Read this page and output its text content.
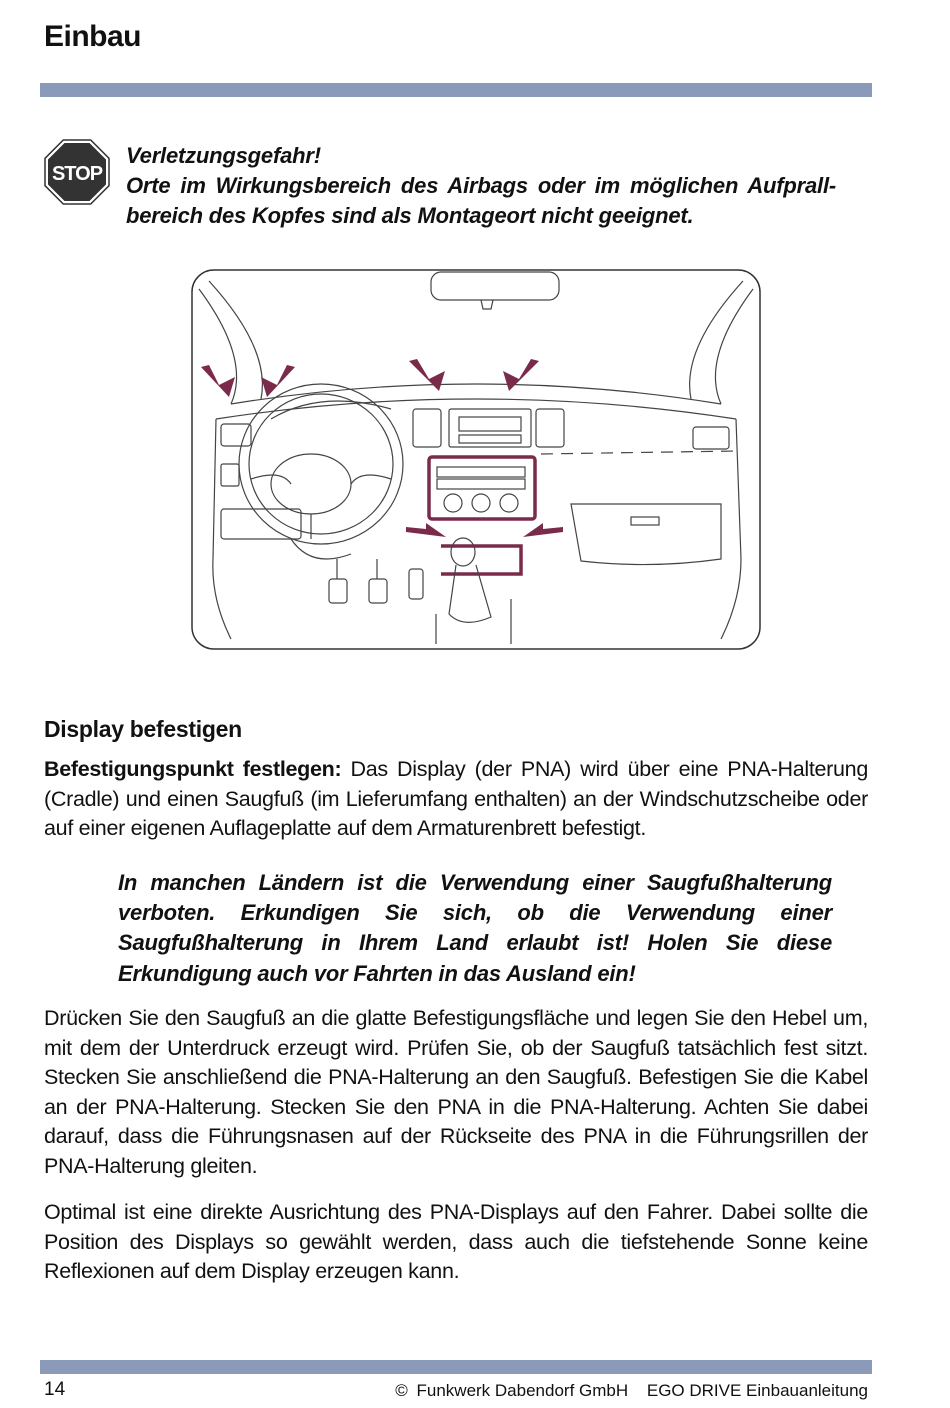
Einbau
STOP
Verletzungsgefahr!
Orte im Wirkungsbereich des Airbags oder im möglichen Aufprall-
bereich des Kopfes sind als Montageort nicht geeignet.
Display befestigen
Befestigungspunkt festlegen: Das Display (der PNA) wird über eine PNA-Halterung (Cradle) und einen Saugfuß (im Lieferumfang enthalten) an der Windschutzscheibe oder auf einer eigenen Auflageplatte auf dem Armaturenbrett befestigt.
In manchen Ländern ist die Verwendung einer Saugfußhalterung verboten. Erkundigen Sie sich, ob die Verwendung einer Saugfußhalterung in Ihrem Land erlaubt ist! Holen Sie diese Erkundigung auch vor Fahrten in das Ausland ein!
Drücken Sie den Saugfuß an die glatte Befestigungsfläche und legen Sie den Hebel um, mit dem der Unterdruck erzeugt wird. Prüfen Sie, ob der Saugfuß tatsächlich fest sitzt. Stecken Sie anschließend die PNA-Halterung an den Saugfuß. Befestigen Sie die Kabel an der PNA-Halterung. Stecken Sie den PNA in die PNA-Halterung. Achten Sie dabei darauf, dass die Führungsnasen auf der Rückseite des PNA in die Führungsrillen der PNA-Halterung gleiten.
Optimal ist eine direkte Ausrichtung des PNA-Displays auf den Fahrer. Dabei sollte die Position des Displays so gewählt werden, dass auch die tiefstehende Sonne keine Reflexionen auf dem Display erzeugen kann.
14	© Funkwerk Dabendorf GmbH EGO DRIVE Einbauanleitung
